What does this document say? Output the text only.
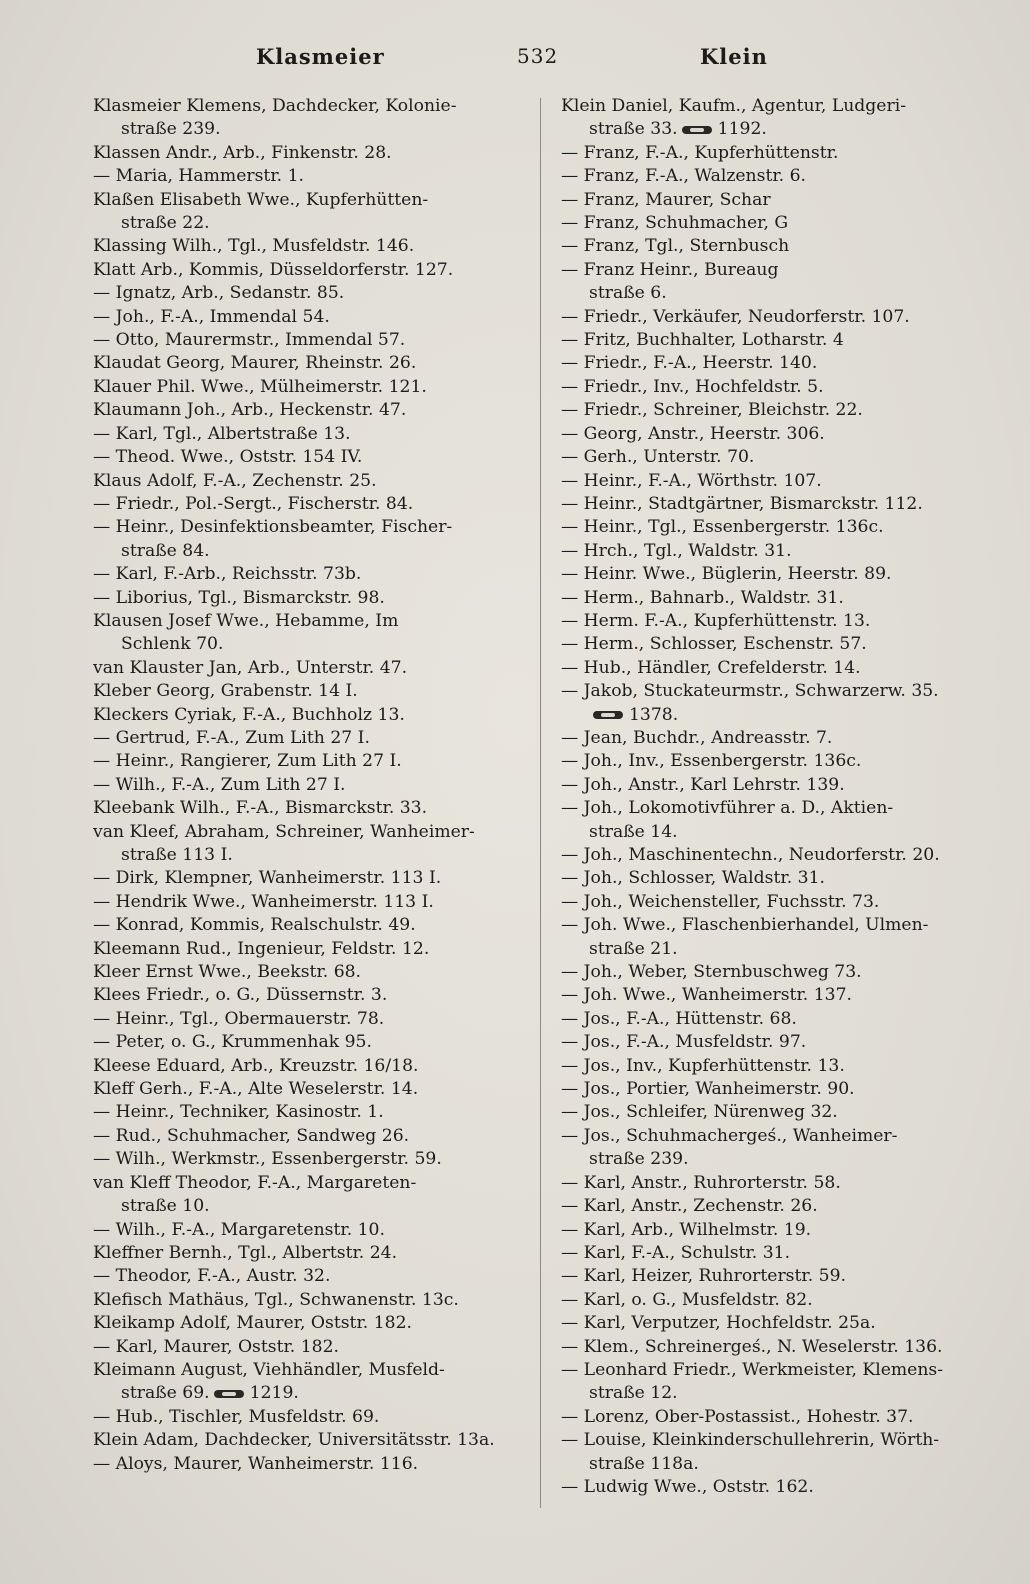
Klasmeier	532	Klein
Klasmeier Klemens, Dachdecker, Kolonie-
straße 239.
Klassen Andr., Arb., Finkenstr. 28.
— Maria, Hammerstr. 1.
Klaßen Elisabeth Wwe., Kupferhütten-
straße 22.
Klassing Wilh., Tgl., Musfeldstr. 146.
Klatt Arb., Kommis, Düsseldorferstr. 127.
— Ignatz, Arb., Sedanstr. 85.
— Joh., F.-A., Immendal 54.
— Otto, Maurermstr., Immendal 57.
Klaudat Georg, Maurer, Rheinstr. 26.
Klauer Phil. Wwe., Mülheimerstr. 121.
Klaumann Joh., Arb., Heckenstr. 47.
— Karl, Tgl., Albertstraße 13.
— Theod. Wwe., Oststr. 154 IV.
Klaus Adolf, F.-A., Zechenstr. 25.
— Friedr., Pol.-Sergt., Fischerstr. 84.
— Heinr., Desinfektionsbeamter, Fischer-
straße 84.
— Karl, F.-Arb., Reichsstr. 73b.
— Liborius, Tgl., Bismarckstr. 98.
Klausen Josef Wwe., Hebamme, Im
Schlenk 70.
van Klauster Jan, Arb., Unterstr. 47.
Kleber Georg, Grabenstr. 14 I.
Kleckers Cyriak, F.-A., Buchholz 13.
— Gertrud, F.-A., Zum Lith 27 I.
— Heinr., Rangierer, Zum Lith 27 I.
— Wilh., F.-A., Zum Lith 27 I.
Kleebank Wilh., F.-A., Bismarckstr. 33.
van Kleef, Abraham, Schreiner, Wanheimer-
straße 113 I.
— Dirk, Klempner, Wanheimerstr. 113 I.
— Hendrik Wwe., Wanheimerstr. 113 I.
— Konrad, Kommis, Realschulstr. 49.
Kleemann Rud., Ingenieur, Feldstr. 12.
Kleer Ernst Wwe., Beekstr. 68.
Klees Friedr., o. G., Düssernstr. 3.
— Heinr., Tgl., Obermauerstr. 78.
— Peter, o. G., Krummenhak 95.
Kleese Eduard, Arb., Kreuzstr. 16/18.
Kleff Gerh., F.-A., Alte Weselerstr. 14.
— Heinr., Techniker, Kasinostr. 1.
— Rud., Schuhmacher, Sandweg 26.
— Wilh., Werkmstr., Essenbergerstr. 59.
van Kleff Theodor, F.-A., Margareten-
straße 10.
— Wilh., F.-A., Margaretenstr. 10.
Kleffner Bernh., Tgl., Albertstr. 24.
— Theodor, F.-A., Austr. 32.
Klefisch Mathäus, Tgl., Schwanenstr. 13c.
Kleikamp Adolf, Maurer, Oststr. 182.
— Karl, Maurer, Oststr. 182.
Kleimann August, Viehhändler, Musfeld-
straße 69. 1219.
— Hub., Tischler, Musfeldstr. 69.
Klein Adam, Dachdecker, Universitätsstr. 13a.
— Aloys, Maurer, Wanheimerstr. 116.
Klein Daniel, Kaufm., Agentur, Ludgeri-
straße 33. 1192.
— Franz, F.-A., Kupferhüttenstr.
— Franz, F.-A., Walzenstr. 6.
— Franz, Maurer, Schar
— Franz, Schuhmacher, G
— Franz, Tgl., Sternbusch
— Franz Heinr., Bureaug
straße 6.
— Friedr., Verkäufer, Neudorferstr. 107.
— Fritz, Buchhalter, Lotharstr. 4
— Friedr., F.-A., Heerstr. 140.
— Friedr., Inv., Hochfeldstr. 5.
— Friedr., Schreiner, Bleichstr. 22.
— Georg, Anstr., Heerstr. 306.
— Gerh., Unterstr. 70.
— Heinr., F.-A., Wörthstr. 107.
— Heinr., Stadtgärtner, Bismarckstr. 112.
— Heinr., Tgl., Essenbergerstr. 136c.
— Hrch., Tgl., Waldstr. 31.
— Heinr. Wwe., Büglerin, Heerstr. 89.
— Herm., Bahnarb., Waldstr. 31.
— Herm. F.-A., Kupferhüttenstr. 13.
— Herm., Schlosser, Eschenstr. 57.
— Hub., Händler, Crefelderstr. 14.
— Jakob, Stuckateurmstr., Schwarzerw. 35.
1378.
— Jean, Buchdr., Andreasstr. 7.
— Joh., Inv., Essenbergerstr. 136c.
— Joh., Anstr., Karl Lehrstr. 139.
— Joh., Lokomotivführer a. D., Aktien-
straße 14.
— Joh., Maschinentechn., Neudorferstr. 20.
— Joh., Schlosser, Waldstr. 31.
— Joh., Weichensteller, Fuchsstr. 73.
— Joh. Wwe., Flaschenbierhandel, Ulmen-
straße 21.
— Joh., Weber, Sternbuschweg 73.
— Joh. Wwe., Wanheimerstr. 137.
— Jos., F.-A., Hüttenstr. 68.
— Jos., F.-A., Musfeldstr. 97.
— Jos., Inv., Kupferhüttenstr. 13.
— Jos., Portier, Wanheimerstr. 90.
— Jos., Schleifer, Nürenweg 32.
— Jos., Schuhmachergeś., Wanheimer-
straße 239.
— Karl, Anstr., Ruhrorterstr. 58.
— Karl, Anstr., Zechenstr. 26.
— Karl, Arb., Wilhelmstr. 19.
— Karl, F.-A., Schulstr. 31.
— Karl, Heizer, Ruhrorterstr. 59.
— Karl, o. G., Musfeldstr. 82.
— Karl, Verputzer, Hochfeldstr. 25a.
— Klem., Schreinergeś., N. Weselerstr. 136.
— Leonhard Friedr., Werkmeister, Klemens-
straße 12.
— Lorenz, Ober-Postassist., Hohestr. 37.
— Louise, Kleinkinderschullehrerin, Wörth-
straße 118a.
— Ludwig Wwe., Oststr. 162.
